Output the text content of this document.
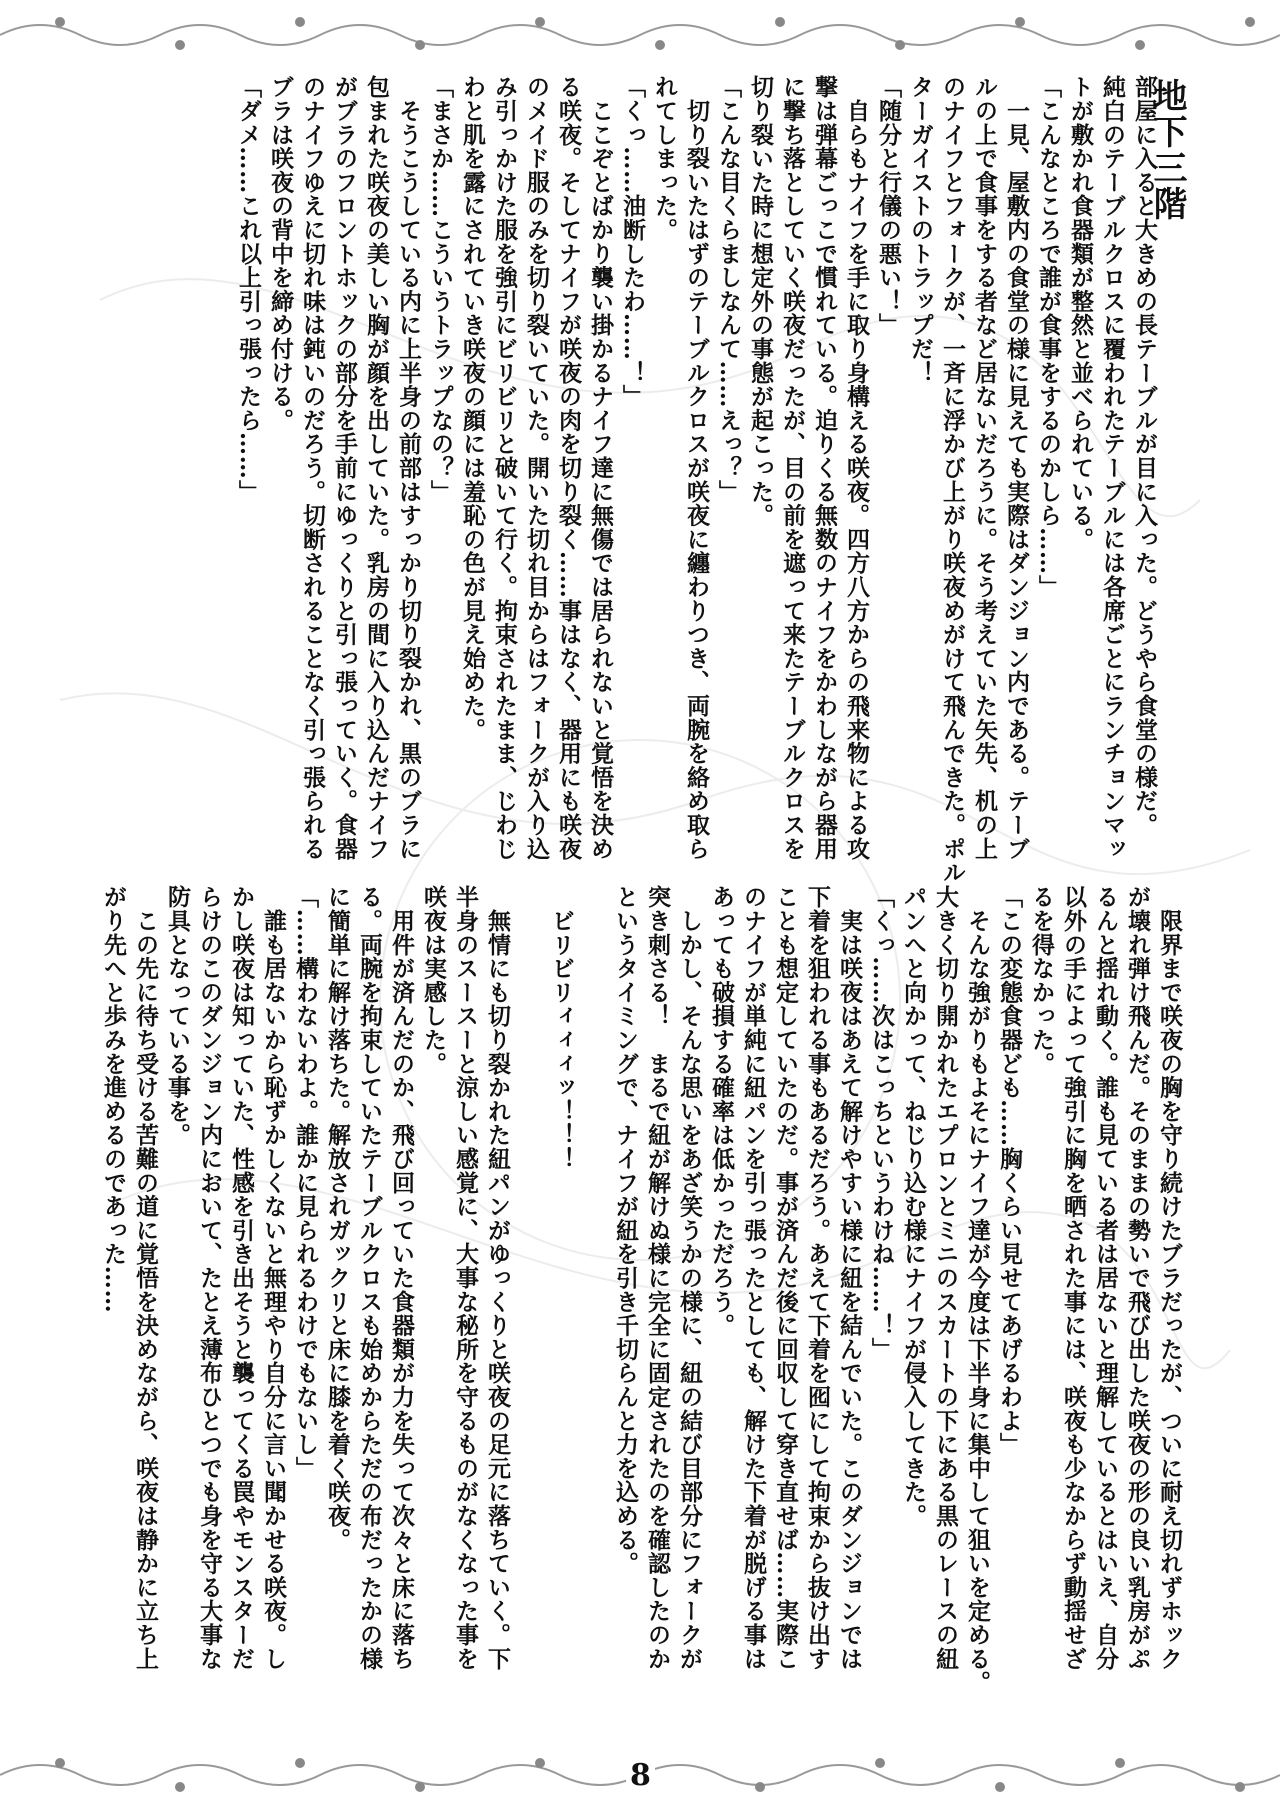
地下三階
部屋に入ると大きめの長テーブルが目に入った。どうやら食堂の様だ。
純白のテーブルクロスに覆われたテーブルには各席ごとにランチョンマッ
トが敷かれ食器類が整然と並べられている。
「こんなところで誰が食事をするのかしら……」
　一見、屋敷内の食堂の様に見えても実際はダンジョン内である。テーブ
ルの上で食事をする者など居ないだろうに。そう考えていた矢先、机の上
のナイフとフォークが、一斉に浮かび上がり咲夜めがけて飛んできた。ポル
ターガイストのトラップだ！
「随分と行儀の悪い！」
　自らもナイフを手に取り身構える咲夜。四方八方からの飛来物による攻
撃は弾幕ごっこで慣れている。迫りくる無数のナイフをかわしながら器用
に撃ち落としていく咲夜だったが、目の前を遮って来たテーブルクロスを
切り裂いた時に想定外の事態が起こった。
「こんな目くらましなんて……えっ？」
　切り裂いたはずのテーブルクロスが咲夜に纏わりつき、両腕を絡め取ら
れてしまった。
「くっ……油断したわ……！」
　ここぞとばかり襲い掛かるナイフ達に無傷では居られないと覚悟を決め
る咲夜。そしてナイフが咲夜の肉を切り裂く……事はなく、器用にも咲夜
のメイド服のみを切り裂いていた。開いた切れ目からはフォークが入り込
み引っかけた服を強引にビリビリと破いて行く。拘束されたまま、じわじ
わと肌を露にされていき咲夜の顔には羞恥の色が見え始めた。
「まさか……こういうトラップなの？」
　そうこうしている内に上半身の前部はすっかり切り裂かれ、黒のブラに
包まれた咲夜の美しい胸が顔を出していた。乳房の間に入り込んだナイフ
がブラのフロントホックの部分を手前にゆっくりと引っ張っていく。食器
のナイフゆえに切れ味は鈍いのだろう。切断されることなく引っ張られる
ブラは咲夜の背中を締め付ける。
「ダメ……これ以上引っ張ったら……」
　限界まで咲夜の胸を守り続けたブラだったが、ついに耐え切れずホック
が壊れ弾け飛んだ。そのままの勢いで飛び出した咲夜の形の良い乳房がぷ
るんと揺れ動く。誰も見ている者は居ないと理解しているとはいえ、自分
以外の手によって強引に胸を晒された事には、咲夜も少なからず動揺せざ
るを得なかった。
「この変態食器ども……胸くらい見せてあげるわよ」
　そんな強がりもよそにナイフ達が今度は下半身に集中して狙いを定める。
大きく切り開かれたエプロンとミニのスカートの下にある黒のレースの紐
パンへと向かって、ねじり込む様にナイフが侵入してきた。
「くっ……次はこっちというわけね……！」
　実は咲夜はあえて解けやすい様に紐を結んでいた。このダンジョンでは
下着を狙われる事もあるだろう。あえて下着を囮にして拘束から抜け出す
ことも想定していたのだ。事が済んだ後に回収して穿き直せば……実際こ
のナイフが単純に紐パンを引っ張ったとしても、解けた下着が脱げる事は
あっても破損する確率は低かっただろう。
　しかし、そんな思いをあざ笑うかの様に、紐の結び目部分にフォークが
突き刺さる！　まるで紐が解けぬ様に完全に固定されたのを確認したのか
というタイミングで、ナイフが紐を引き千切らんと力を込める。

　ビリビリィィィッ！！！

　無情にも切り裂かれた紐パンがゆっくりと咲夜の足元に落ちていく。下
半身のスースーと涼しい感覚に、大事な秘所を守るものがなくなった事を
咲夜は実感した。
　用件が済んだのか、飛び回っていた食器類が力を失って次々と床に落ち
る。両腕を拘束していたテーブルクロスも始めからただの布だったかの様
に簡単に解け落ちた。解放されガックリと床に膝を着く咲夜。
「……構わないわよ。誰かに見られるわけでもないし」
　誰も居ないから恥ずかしくないと無理やり自分に言い聞かせる咲夜。し
かし咲夜は知っていた、性感を引き出そうと襲ってくる罠やモンスターだ
らけのこのダンジョン内において、たとえ薄布ひとつでも身を守る大事な
防具となっている事を。
　この先に待ち受ける苦難の道に覚悟を決めながら、咲夜は静かに立ち上
がり先へと歩みを進めるのであった……
8
